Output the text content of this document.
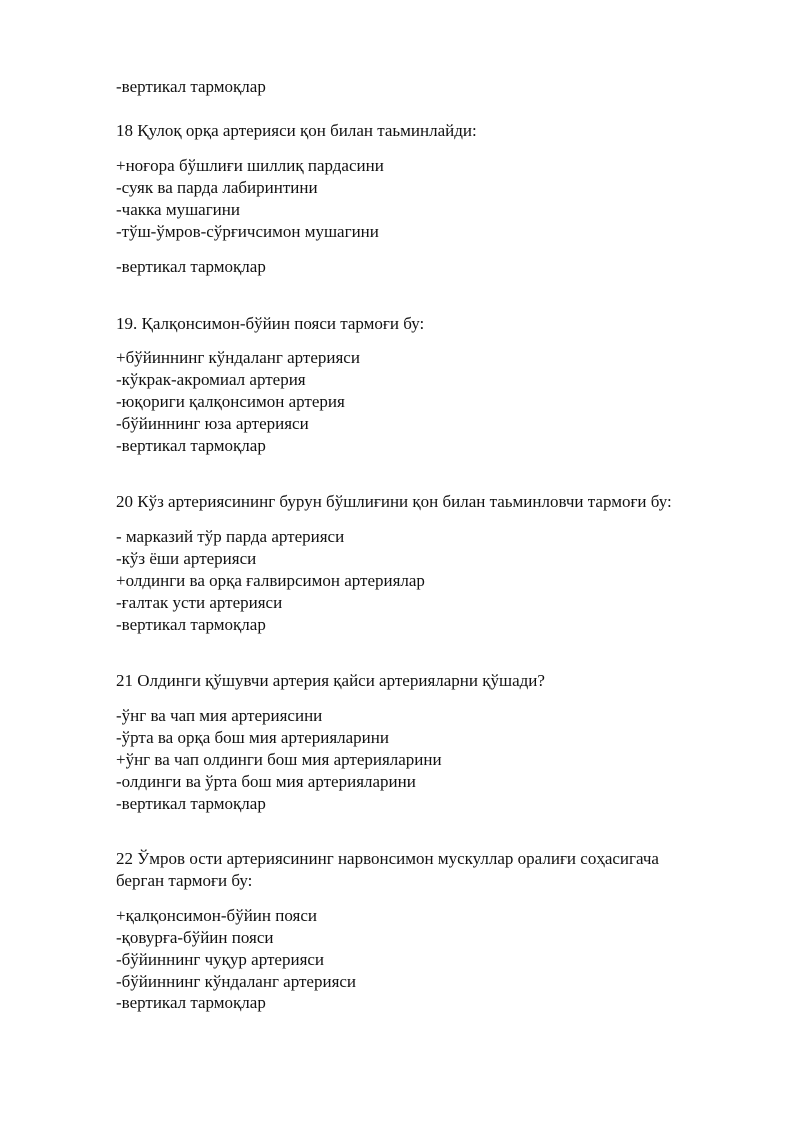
-вертикал тармоқлар
18 Қулоқ орқа артерияси қон билан таьминлайди:
+ноғора бўшлиғи шиллиқ пардасини
-суяк ва парда лабиринтини
-чакка мушагини
-тўш-ўмров-сўрғичсимон мушагини
-вертикал тармоқлар
19. Қалқонсимон-бўйин пояси тармоғи бу:
+бўйиннинг кўндаланг артерияси
-кўкрак-акромиал артерия
-юқориги қалқонсимон артерия
-бўйиннинг юза артерияси
-вертикал тармоқлар
20 Кўз артериясининг бурун бўшлиғини қон билан таьминловчи тармоғи бу:
- марказий тўр парда артерияси
-кўз ёши артерияси
+олдинги ва орқа ғалвирсимон артериялар
-ғалтак усти артерияси
-вертикал тармоқлар
21 Олдинги қўшувчи артерия қайси артерияларни қўшади?
-ўнг ва чап мия артериясини
-ўрта ва орқа бош мия артерияларини
+ўнг ва чап олдинги бош мия артерияларини
-олдинги ва ўрта бош мия артерияларини
-вертикал тармоқлар
22 Ўмров ости артериясининг нарвонсимон мускуллар оралиғи соҳасигача
берган тармоғи бу:
+қалқонсимон-бўйин пояси
-қовурға-бўйин пояси
-бўйиннинг чуқур артерияси
-бўйиннинг кўндаланг артерияси
-вертикал тармоқлар
